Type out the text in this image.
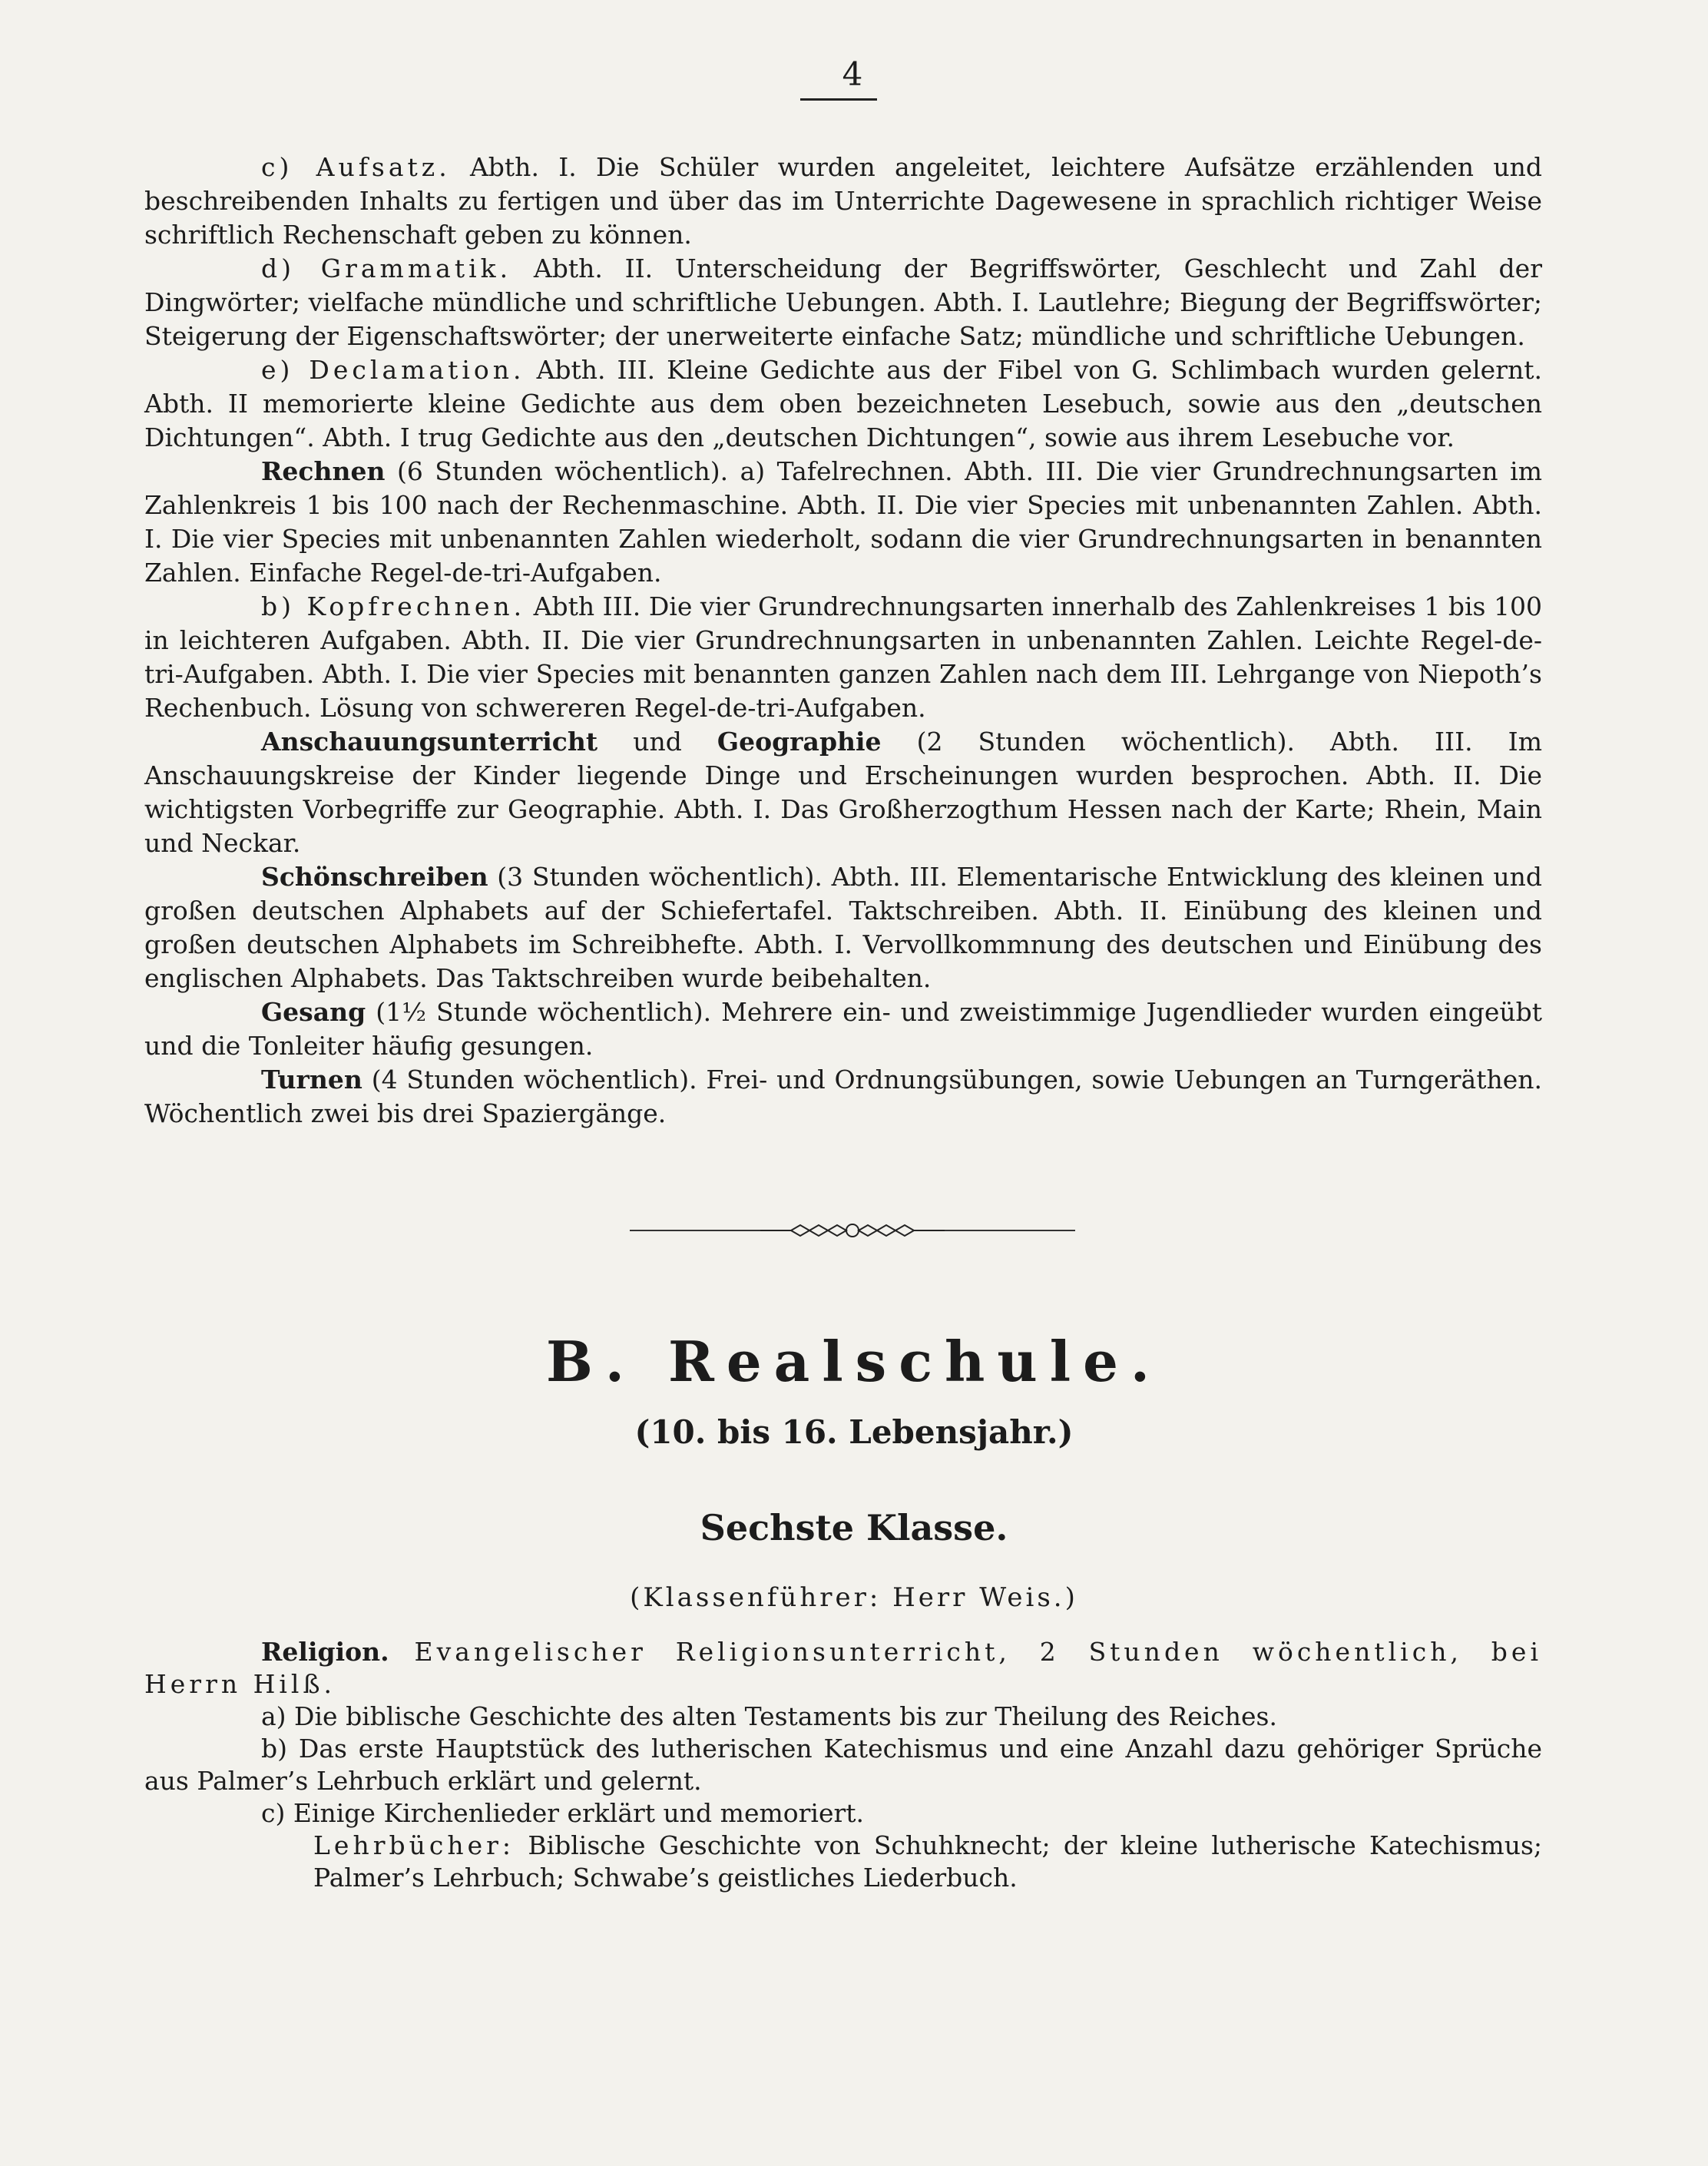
4

c) Aufsatz. Abth. I. Die Schüler wurden angeleitet, leichtere Aufsätze erzählenden und beschreibenden Inhalts zu fertigen und über das im Unterrichte Dagewesene in sprachlich richtiger Weise schriftlich Rechenschaft geben zu können.

d) Grammatik. Abth. II. Unterscheidung der Begriffswörter, Geschlecht und Zahl der Dingwörter; vielfache mündliche und schriftliche Uebungen. Abth. I. Lautlehre; Biegung der Begriffswörter; Steigerung der Eigenschaftswörter; der unerweiterte einfache Satz; mündliche und schriftliche Uebungen.

e) Declamation. Abth. III. Kleine Gedichte aus der Fibel von G. Schlimbach wurden gelernt. Abth. II memorierte kleine Gedichte aus dem oben bezeichneten Lesebuch, sowie aus den „deutschen Dichtungen“. Abth. I trug Gedichte aus den „deutschen Dichtungen“, sowie aus ihrem Lesebuche vor.

Rechnen (6 Stunden wöchentlich). a) Tafelrechnen. Abth. III. Die vier Grundrechnungsarten im Zahlenkreis 1 bis 100 nach der Rechenmaschine. Abth. II. Die vier Species mit unbenannten Zahlen. Abth. I. Die vier Species mit unbenannten Zahlen wiederholt, sodann die vier Grundrechnungsarten in benannten Zahlen. Einfache Regel-de-tri-Aufgaben.

b) Kopfrechnen. Abth III. Die vier Grundrechnungsarten innerhalb des Zahlenkreises 1 bis 100 in leichteren Aufgaben. Abth. II. Die vier Grundrechnungsarten in unbenannten Zahlen. Leichte Regel-de-tri-Aufgaben. Abth. I. Die vier Species mit benannten ganzen Zahlen nach dem III. Lehrgange von Niepoth’s Rechenbuch. Lösung von schwereren Regel-de-tri-Aufgaben.

Anschauungsunterricht und Geographie (2 Stunden wöchentlich). Abth. III. Im Anschauungskreise der Kinder liegende Dinge und Erscheinungen wurden besprochen. Abth. II. Die wichtigsten Vorbegriffe zur Geographie. Abth. I. Das Großherzogthum Hessen nach der Karte; Rhein, Main und Neckar.

Schönschreiben (3 Stunden wöchentlich). Abth. III. Elementarische Entwicklung des kleinen und großen deutschen Alphabets auf der Schiefertafel. Taktschreiben. Abth. II. Einübung des kleinen und großen deutschen Alphabets im Schreibhefte. Abth. I. Vervollkommnung des deutschen und Einübung des englischen Alphabets. Das Taktschreiben wurde beibehalten.

Gesang (1½ Stunde wöchentlich). Mehrere ein- und zweistimmige Jugendlieder wurden eingeübt und die Tonleiter häufig gesungen.

Turnen (4 Stunden wöchentlich). Frei- und Ordnungsübungen, sowie Uebungen an Turngeräthen. Wöchentlich zwei bis drei Spaziergänge.

B. Realschule.
(10. bis 16. Lebensjahr.)
Sechste Klasse.
(Klassenführer: Herr Weis.)

Religion. Evangelischer Religionsunterricht, 2 Stunden wöchentlich, bei Herrn Hilß.

a) Die biblische Geschichte des alten Testaments bis zur Theilung des Reiches.

b) Das erste Hauptstück des lutherischen Katechismus und eine Anzahl dazu gehöriger Sprüche aus Palmer’s Lehrbuch erklärt und gelernt.

c) Einige Kirchenlieder erklärt und memoriert.

Lehrbücher: Biblische Geschichte von Schuhknecht; der kleine lutherische Katechismus; Palmer’s Lehrbuch; Schwabe’s geistliches Liederbuch.
